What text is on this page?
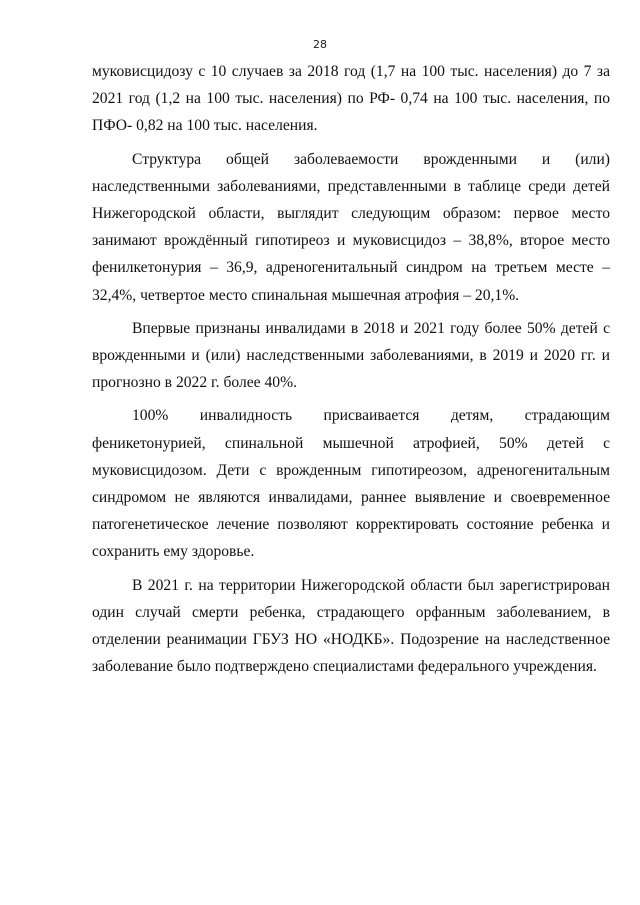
28

муковисцидозу с 10 случаев за 2018 год (1,7 на 100 тыс. населения) до 7 за 2021 год (1,2 на 100 тыс. населения) по РФ- 0,74 на 100 тыс. населения, по ПФО- 0,82 на 100 тыс. населения.

Структура общей заболеваемости врожденными и (или) наследственными заболеваниями, представленными в таблице среди детей Нижегородской области, выглядит следующим образом: первое место занимают врождённый гипотиреоз и муковисцидоз – 38,8%, второе место фенилкетонурия – 36,9, адреногенитальный синдром на третьем месте – 32,4%, четвертое место спинальная мышечная атрофия – 20,1%.

Впервые признаны инвалидами в 2018 и 2021 году более 50% детей с врожденными и (или) наследственными заболеваниями, в 2019 и 2020 гг. и прогнозно в 2022 г. более 40%.

100% инвалидность присваивается детям, страдающим феникетонурией, спинальной мышечной атрофией, 50% детей с муковисцидозом. Дети с врожденным гипотиреозом, адреногенитальным синдромом не являются инвалидами, раннее выявление и своевременное патогенетическое лечение позволяют корректировать состояние ребенка и сохранить ему здоровье.

В 2021 г. на территории Нижегородской области был зарегистрирован один случай смерти ребенка, страдающего орфанным заболеванием, в отделении реанимации ГБУЗ НО «НОДКБ». Подозрение на наследственное заболевание было подтверждено специалистами федерального учреждения.
